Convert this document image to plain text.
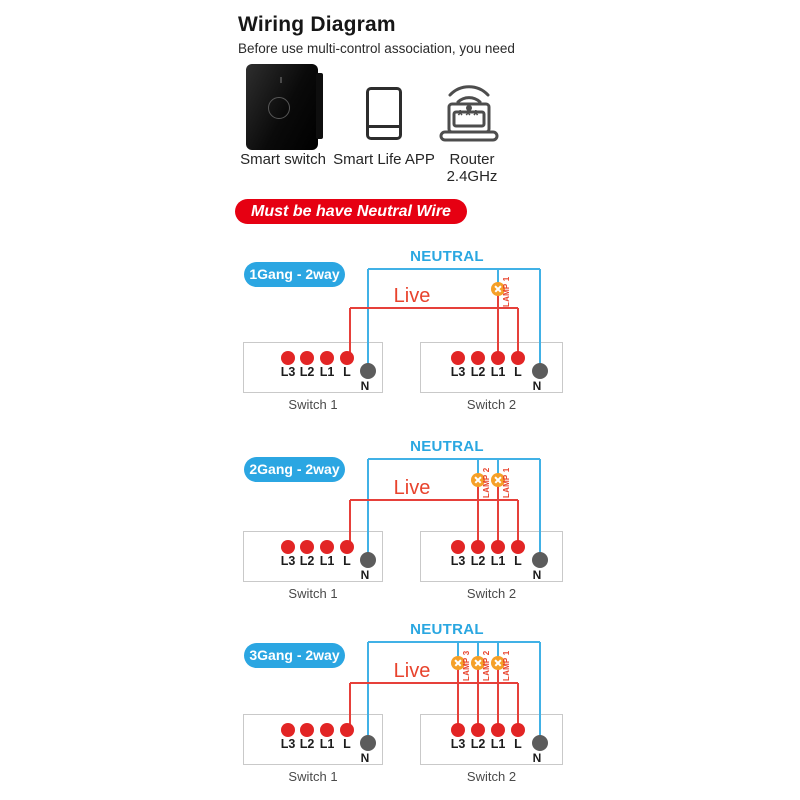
Wiring Diagram
Before use multi-control association, you need
***
Smart switch Smart Life APP Router 2.4GHz
Must be have Neutral Wire
1Gang - 2way
NEUTRAL
Live	LAMP 1
L3 L2 L1 L
N
Switch 1
L3 L2 L1 L
N
Switch 2
2Gang - 2way
NEUTRAL
Live	LAMP 2 LAMP 1
L3 L2 L1 L
N
Switch 1
L3 L2 L1 L
N
Switch 2
3Gang - 2way
NEUTRAL
Live	LAMP 3 LAMP 2 LAMP 1
L3 L2 L1 L
N
Switch 1
L3 L2 L1 L
N
Switch 2
